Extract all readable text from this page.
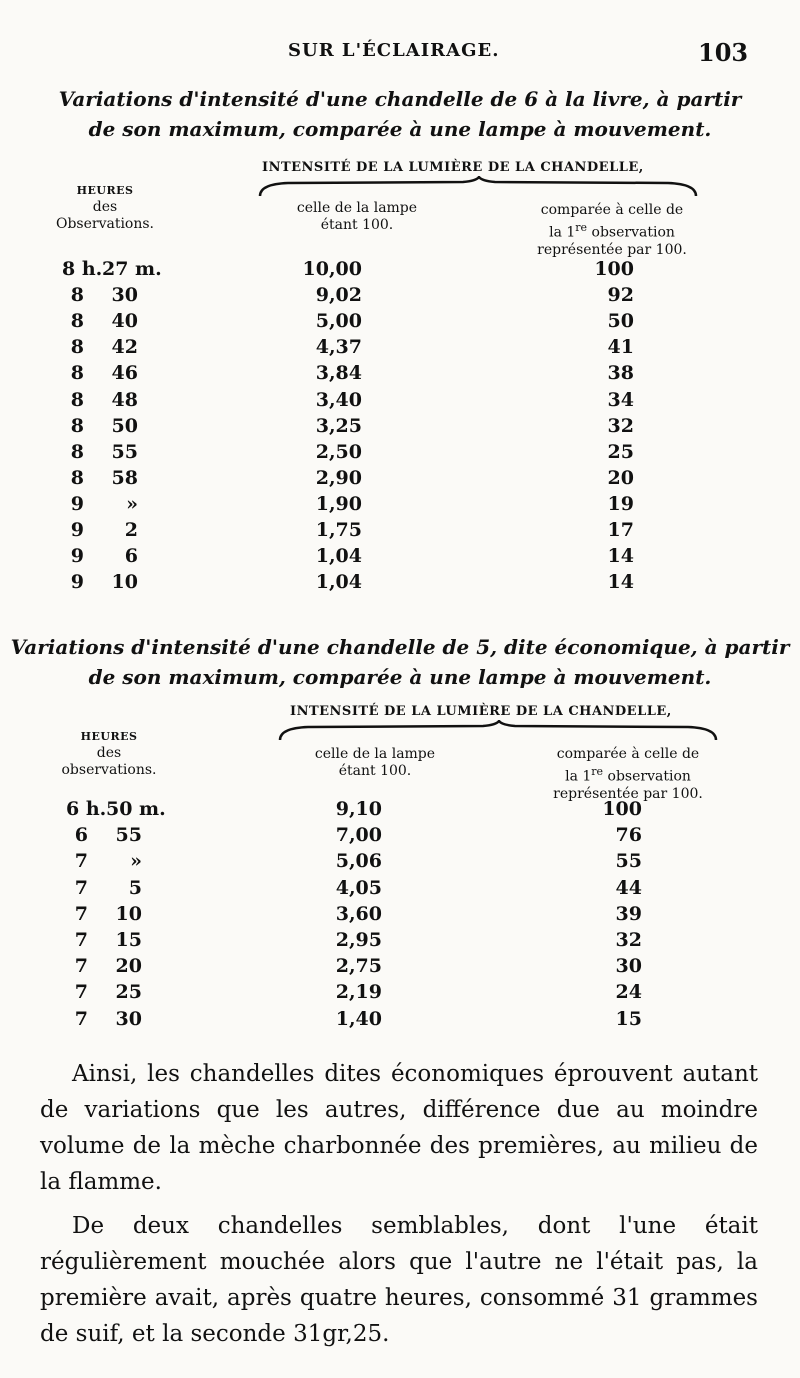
SUR L'ÉCLAIRAGE.	103
Variations d'intensité d'une chandelle de 6 à la livre, à partir
de son maximum, comparée à une lampe à mouvement.
INTENSITÉ DE LA LUMIÈRE DE LA CHANDELLE,
HEURES
des
Observations.
celle de la lampe
étant 100.
comparée à celle de
la 1re observation
représentée par 100.
8 h. 27 m.	10,00	100
8	30	9,02	92
8	40	5,00	50
8	42	4,37	41
8	46	3,84	38
8	48	3,40	34
8	50	3,25	32
8	55	2,50	25
8	58	2,90	20
9	»	1,90	19
9	2	1,75	17
9	6	1,04	14
9	10	1,04	14
Variations d'intensité d'une chandelle de 5, dite économique, à partir
de son maximum, comparée à une lampe à mouvement.
INTENSITÉ DE LA LUMIÈRE DE LA CHANDELLE,
HEURES
des
observations.
celle de la lampe
étant 100.
comparée à celle de
la 1re observation
représentée par 100.
6 h. 50 m.	9,10	100
6	55	7,00	76
7	»	5,06	55
7	5	4,05	44
7	10	3,60	39
7	15	2,95	32
7	20	2,75	30
7	25	2,19	24
7	30	1,40	15

Ainsi, les chandelles dites économiques éprouvent autant de variations que les autres, différence due au moindre volume de la mèche charbonnée des premières, au milieu de la flamme.

De deux chandelles semblables, dont l'une était régulièrement mouchée alors que l'autre ne l'était pas, la première avait, après quatre heures, consommé 31 grammes de suif, et la seconde 31gr,25.
